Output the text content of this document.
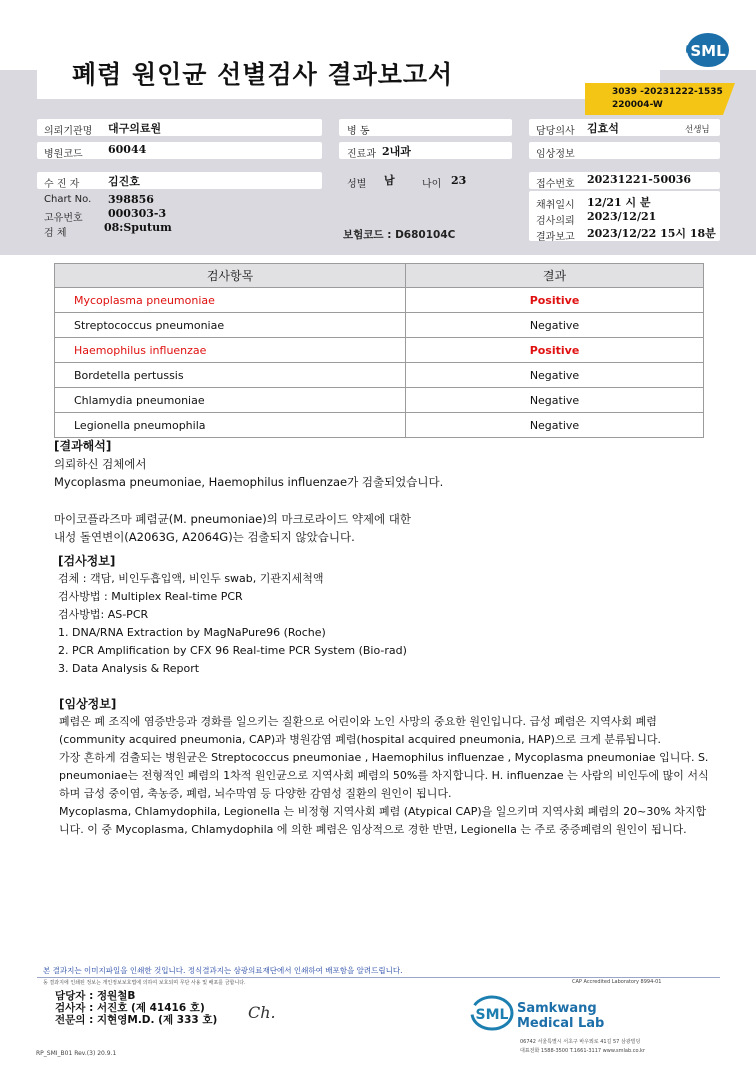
폐렴 원인균 선별검사 결과보고서
SML
3039 -20231222-1535
220004-W
의뢰기관명 대구의료원
병원코드 60044
수 진 자	김진호
Chart No. 398856
고유번호 000303-3
검 체	08:Sputum
병 동
진료과 2내과
성별 남	나이 23
보험코드 : D680104C
담당의사 김효석	선생님
임상정보
접수번호 20231221-50036
채취일시 12/21 시 분
검사의뢰 2023/12/21
결과보고 2023/12/22 15시 18분
검사항목	결과
Mycoplasma pneumoniae	Positive
Streptococcus pneumoniae	Negative
Haemophilus influenzae	Positive
Bordetella pertussis	Negative
Chlamydia pneumoniae	Negative
Legionella pneumophila	Negative
[결과해석]
의뢰하신 검체에서
Mycoplasma pneumoniae, Haemophilus influenzae가 검출되었습니다.
마이코플라즈마 폐렴균(M. pneumoniae)의 마크로라이드 약제에 대한
내성 돌연변이(A2063G, A2064G)는 검출되지 않았습니다.
[검사정보]
검체 : 객담, 비인두흡입액, 비인두 swab, 기관지세척액
검사방법 : Multiplex Real-time PCR
검사방법: AS-PCR
1. DNA/RNA Extraction by MagNaPure96 (Roche)
2. PCR Amplification by CFX 96 Real-time PCR System (Bio-rad)
3. Data Analysis & Report
[임상정보]

폐렴은 폐 조직에 염증반응과 경화를 일으키는 질환으로 어린이와 노인 사망의 중요한 원인입니다. 급성 폐렴은 지역사회 폐렴 (community acquired pneumonia, CAP)과 병원감염 폐렴(hospital acquired pneumonia, HAP)으로 크게 분류됩니다.

가장 흔하게 검출되는 병원균은 Streptococcus pneumoniae , Haemophilus influenzae , Mycoplasma pneumoniae 입니다. S. pneumoniae는 전형적인 폐렴의 1차적 원인균으로 지역사회 폐렴의 50%를 차지합니다. H. influenzae 는 사람의 비인두에 많이 서식하며 급성 중이염, 축농증, 폐렴, 뇌수막염 등 다양한 감염성 질환의 원인이 됩니다.

Mycoplasma, Chlamydophila, Legionella 는 비정형 지역사회 폐렴 (Atypical CAP)을 일으키며 지역사회 폐렴의 20~30% 차지합니다. 이 중 Mycoplasma, Chlamydophila 에 의한 폐렴은 임상적으로 경한 반면, Legionella 는 주로 중증폐렴의 원인이 됩니다.

본 결과지는 이미지파일을 인쇄한 것입니다. 정식결과지는 삼광의료재단에서 인쇄하여 배포함을 알려드립니다.
동 결과지에 인쇄된 정보는 개인정보보호법에 의하여 보호되며 무단 사용 및 배포를 금합니다.	CAP Accredited Laboratory 8994-01
담당자 : 정원철B
검사자 : 서진호 (제 41416 호)
전문의 : 지현영M.D. (제 333 호) Ch.	SML Samkwang
Medical Lab
06742 서울특별시 서초구 바우뫼로 41길 57 삼광빌딩
대표전화 1588-3500 T.1661-3117 www.smlab.co.kr
RP_SMI_B01 Rev.(3) 20.9.1
